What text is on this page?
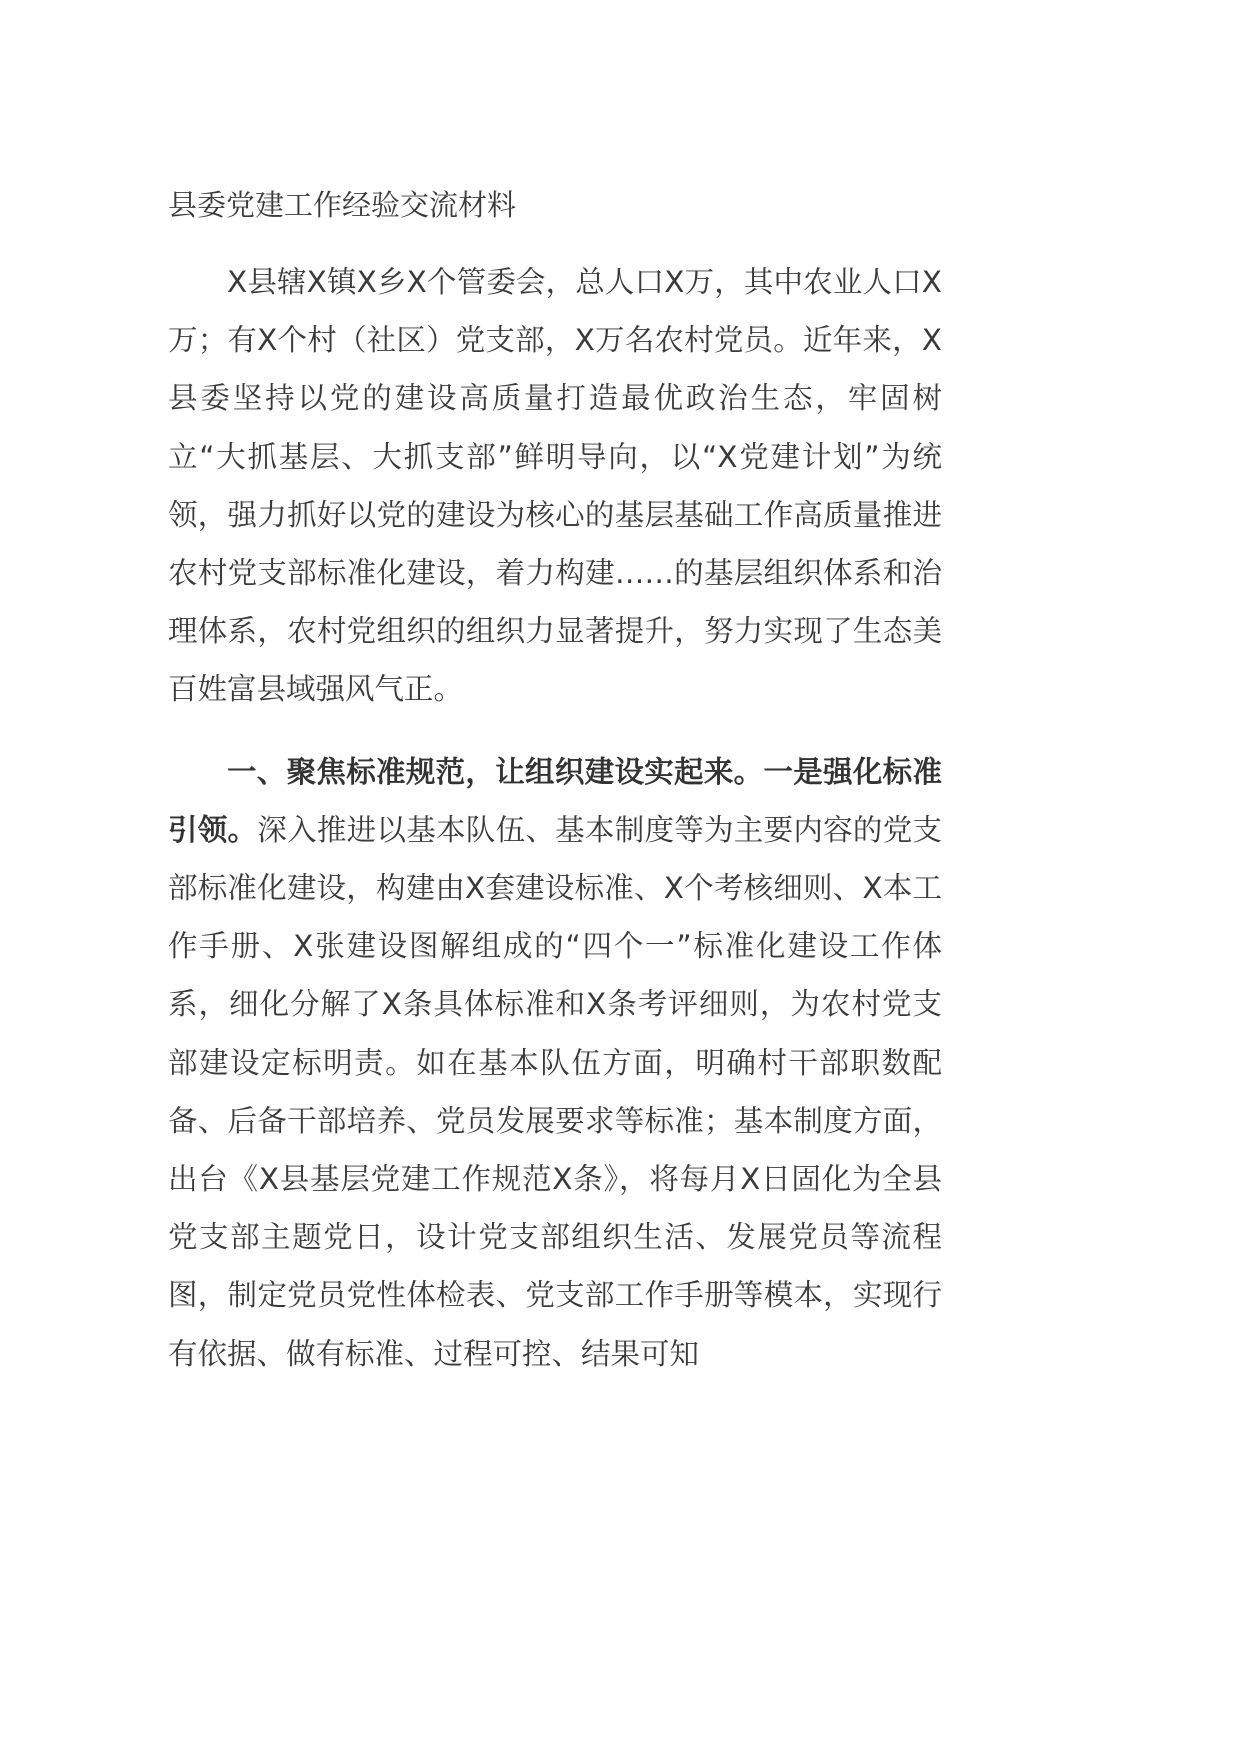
县委党建工作经验交流材料

X县辖X镇X乡X个管委会，总人口X万，其中农业人口X万；有X个村（社区）党支部，X万名农村党员。近年来，X县委坚持以党的建设高质量打造最优政治生态，牢固树立“大抓基层、大抓支部”鲜明导向，以“X党建计划”为统领，强力抓好以党的建设为核心的基层基础工作高质量推进农村党支部标准化建设，着力构建……的基层组织体系和治理体系，农村党组织的组织力显著提升，努力实现了生态美百姓富县域强风气正。

一、聚焦标准规范，让组织建设实起来。一是强化标准引领。深入推进以基本队伍、基本制度等为主要内容的党支部标准化建设，构建由X套建设标准、X个考核细则、X本工作手册、X张建设图解组成的“四个一”标准化建设工作体系，细化分解了X条具体标准和X条考评细则，为农村党支部建设定标明责。如在基本队伍方面，明确村干部职数配备、后备干部培养、党员发展要求等标准；基本制度方面，出台《X县基层党建工作规范X条》，将每月X日固化为全县党支部主题党日，设计党支部组织生活、发展党员等流程图，制定党员党性体检表、党支部工作手册等模本，实现行有依据、做有标准、过程可控、结果可知
